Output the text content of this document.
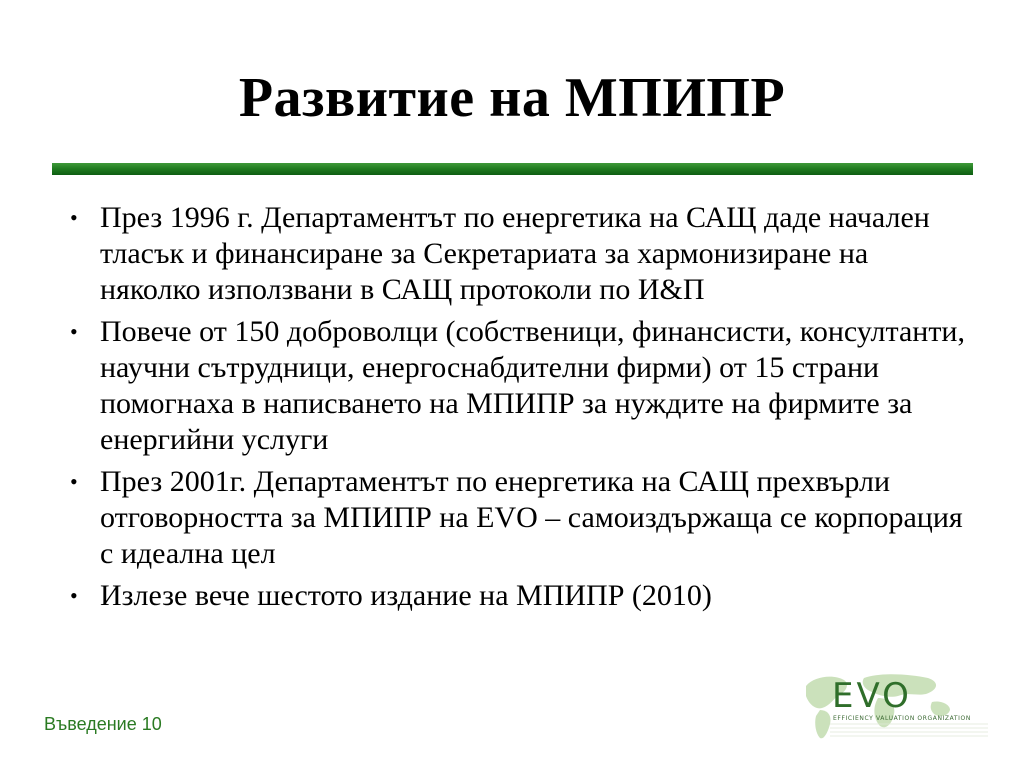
Развитие на МПИПР
• През 1996 г. Департаментът по енергетика на САЩ даде начален тласък и финансиране за Секретариата за хармонизиране на няколко използвани в САЩ протоколи по И&П
• Повече от 150 доброволци (собственици, финансисти, консултанти, научни сътрудници, енергоснабдителни фирми) от 15 страни помогнаха в написването на МПИПР за нуждите на фирмите за енергийни услуги
• През 2001г. Департаментът по енергетика на САЩ прехвърли отговорността за МПИПР на EVO – самоиздържаща се корпорация с идеална цел
• Излезе вече шестото издание на МПИПР (2010)
Въведение 10
EVO
EFFICIENCY VALUATION ORGANIZATION
